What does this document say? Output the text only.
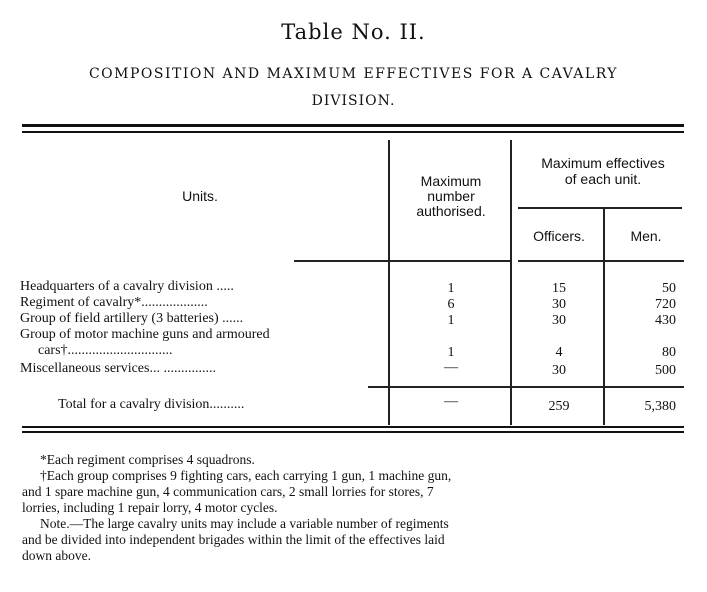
Table No. II.
COMPOSITION AND MAXIMUM EFFECTIVES FOR A CAVALRY
DIVISION.
Units.
Maximum
number
authorised.
Maximum effectives
of each unit.
Officers.	Men.
Headquarters of a cavalry division .....	1	15	50
Regiment of cavalry*...................	6	30	720
Group of field artillery (3 batteries) ......	1	30	430
Group of motor machine guns and armoured
cars†..............................	1	4	80
Miscellaneous services... ...............	—	30	500
Total for a cavalry division..........	—	259	5,380
*Each regiment comprises 4 squadrons.
†Each group comprises 9 fighting cars, each carrying 1 gun, 1 machine gun,
and 1 spare machine gun, 4 communication cars, 2 small lorries for stores, 7
lorries, including 1 repair lorry, 4 motor cycles.
Note.—The large cavalry units may include a variable number of regiments
and be divided into independent brigades within the limit of the effectives laid
down above.
